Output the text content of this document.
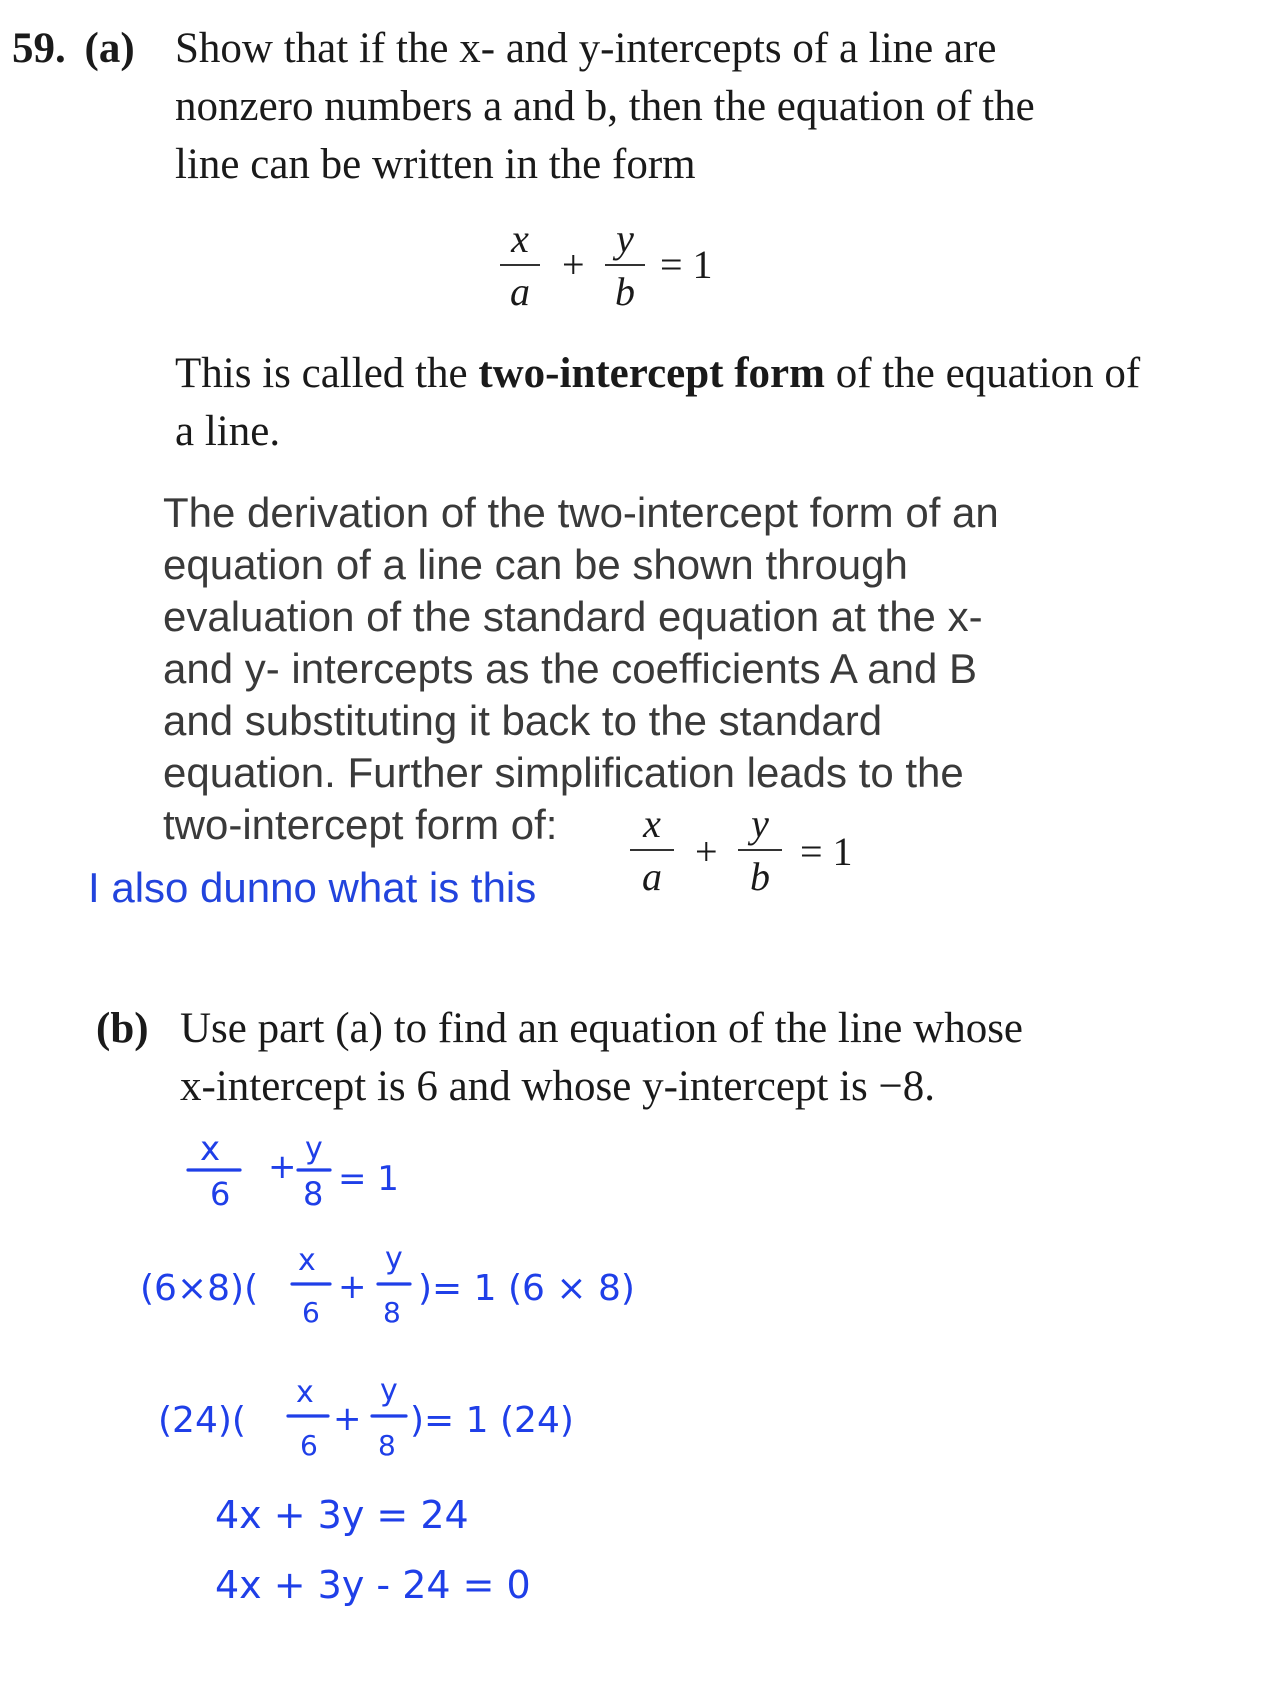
59. (a) Show that if the x- and y-intercepts of a line are
nonzero numbers a and b, then the equation of the
line can be written in the form
x
a
+
y
b
= 1
This is called the two-intercept form of the equation of
a line.
The derivation of the two-intercept form of an
equation of a line can be shown through
evaluation of the standard equation at the x-
and y- intercepts as the coefficients A and B
and substituting it back to the standard
equation. Further simplification leads to the
two-intercept form of:	x
a
+
y
b
= 1
I also dunno what is this
(b) Use part (a) to find an equation of the line whose
x-intercept is 6 and whose y-intercept is −8.
x
6
+ y
8 = 1
(6×8)(
x
6
+
y
8
)= 1 (6 × 8)
(24)(
x
6
+
y
8
)= 1 (24)
4x + 3y = 24
4x + 3y - 24 = 0
